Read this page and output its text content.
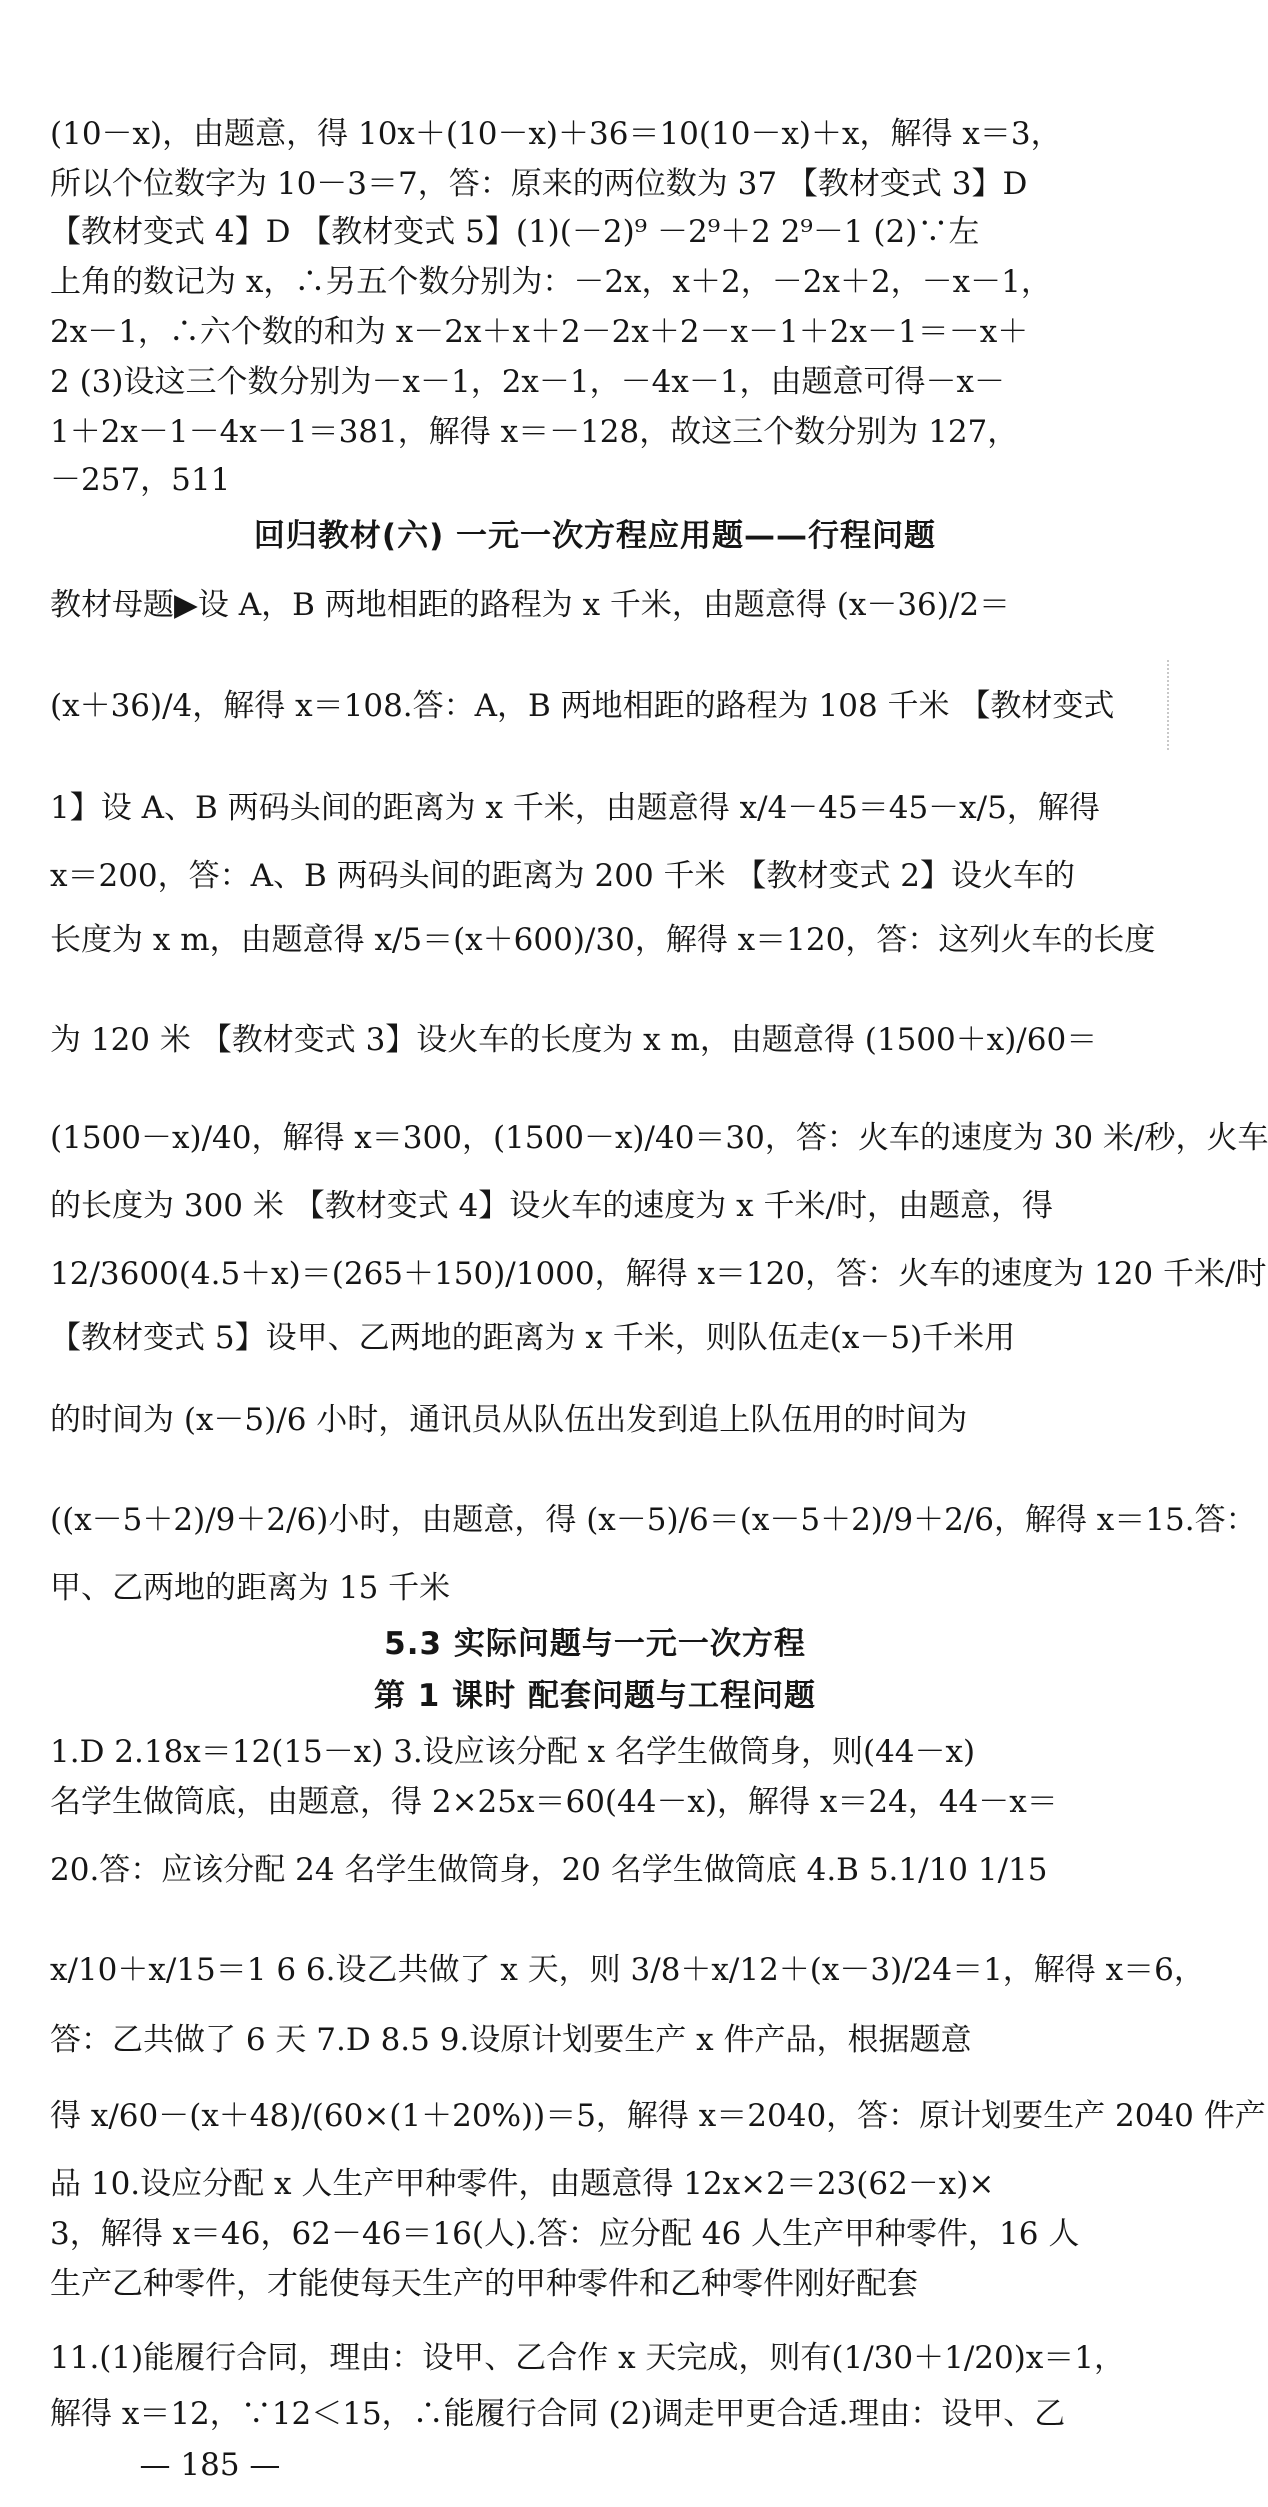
(10－x)，由题意，得 10x＋(10－x)＋36＝10(10－x)＋x，解得 x＝3，
所以个位数字为 10－3＝7，答：原来的两位数为 37 【教材变式 3】D
【教材变式 4】D 【教材变式 5】(1)(－2)⁹ －2⁹＋2 2⁹－1 (2)∵左
上角的数记为 x，∴另五个数分别为：－2x，x＋2，－2x＋2，－x－1，
2x－1，∴六个数的和为 x－2x＋x＋2－2x＋2－x－1＋2x－1＝－x＋
2 (3)设这三个数分别为－x－1，2x－1，－4x－1，由题意可得－x－
1＋2x－1－4x－1＝381，解得 x＝－128，故这三个数分别为 127，
－257，511
回归教材(六) 一元一次方程应用题——行程问题
教材母题▶设 A，B 两地相距的路程为 x 千米，由题意得 (x－36)/2＝
(x＋36)/4，解得 x＝108.答：A，B 两地相距的路程为 108 千米 【教材变式
1】设 A、B 两码头间的距离为 x 千米，由题意得 x/4－45＝45－x/5，解得
x＝200，答：A、B 两码头间的距离为 200 千米 【教材变式 2】设火车的
长度为 x m，由题意得 x/5＝(x＋600)/30，解得 x＝120，答：这列火车的长度
为 120 米 【教材变式 3】设火车的长度为 x m，由题意得 (1500＋x)/60＝
(1500－x)/40，解得 x＝300，(1500－x)/40＝30，答：火车的速度为 30 米/秒，火车
的长度为 300 米 【教材变式 4】设火车的速度为 x 千米/时，由题意，得
12/3600(4.5＋x)＝(265＋150)/1000，解得 x＝120，答：火车的速度为 120 千米/时
【教材变式 5】设甲、乙两地的距离为 x 千米，则队伍走(x－5)千米用
的时间为 (x－5)/6 小时，通讯员从队伍出发到追上队伍用的时间为
((x－5＋2)/9＋2/6)小时，由题意，得 (x－5)/6＝(x－5＋2)/9＋2/6，解得 x＝15.答：
甲、乙两地的距离为 15 千米
5.3 实际问题与一元一次方程
第 1 课时 配套问题与工程问题
1.D 2.18x＝12(15－x) 3.设应该分配 x 名学生做筒身，则(44－x)
名学生做筒底，由题意，得 2×25x＝60(44－x)，解得 x＝24，44－x＝
20.答：应该分配 24 名学生做筒身，20 名学生做筒底 4.B 5.1/10 1/15
x/10＋x/15＝1 6 6.设乙共做了 x 天，则 3/8＋x/12＋(x－3)/24＝1，解得 x＝6，
答：乙共做了 6 天 7.D 8.5 9.设原计划要生产 x 件产品，根据题意
得 x/60－(x＋48)/(60×(1＋20%))＝5，解得 x＝2040，答：原计划要生产 2040 件产
品 10.设应分配 x 人生产甲种零件，由题意得 12x×2＝23(62－x)×
3，解得 x＝46，62－46＝16(人).答：应分配 46 人生产甲种零件，16 人
生产乙种零件，才能使每天生产的甲种零件和乙种零件刚好配套
11.(1)能履行合同，理由：设甲、乙合作 x 天完成，则有(1/30＋1/20)x＝1，
解得 x＝12，∵12＜15，∴能履行合同 (2)调走甲更合适.理由：设甲、乙
— 185 —
